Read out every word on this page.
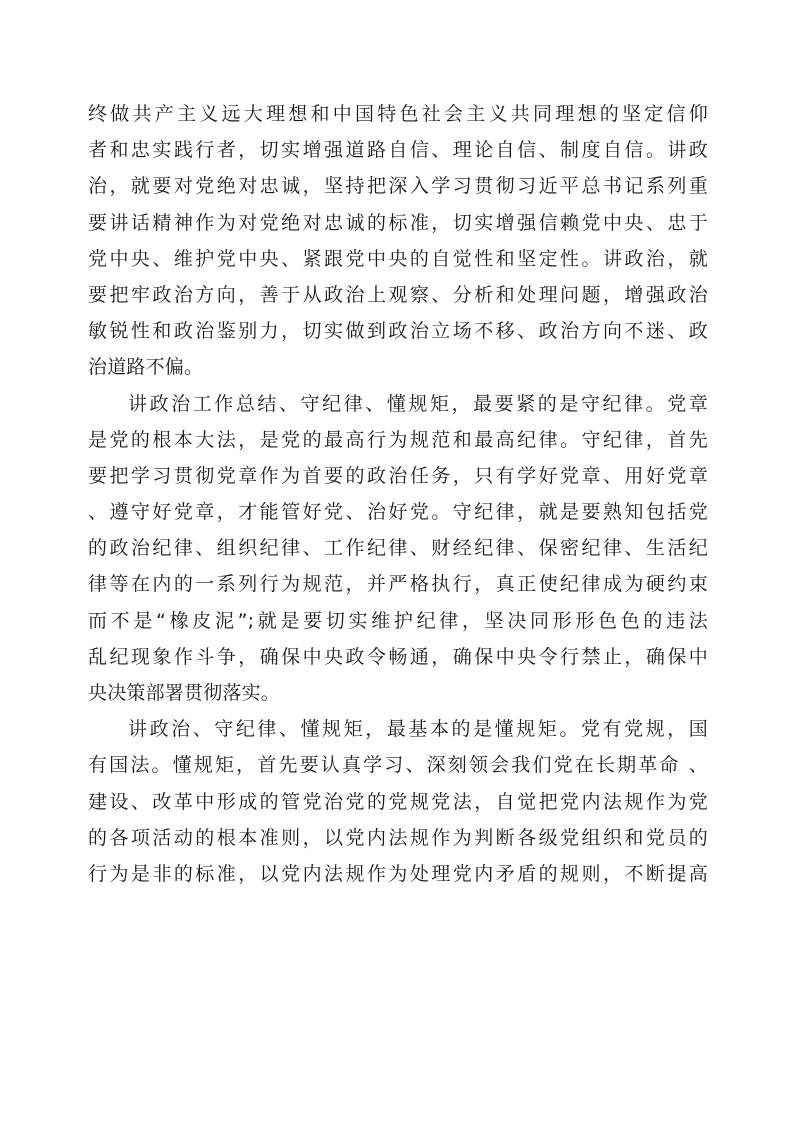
终做共产主义远大理想和中国特色社会主义共同理想的坚定信仰
者和忠实践行者，切实增强道路自信、理论自信、制度自信。讲政
治，就要对党绝对忠诚，坚持把深入学习贯彻习近平总书记系列重
要讲话精神作为对党绝对忠诚的标准，切实增强信赖党中央、忠于
党中央、维护党中央、紧跟党中央的自觉性和坚定性。讲政治，就
要把牢政治方向，善于从政治上观察、分析和处理问题，增强政治
敏锐性和政治鉴别力，切实做到政治立场不移、政治方向不迷、政
治道路不偏。
讲政治工作总结、守纪律、懂规矩，最要紧的是守纪律。党章
是党的根本大法，是党的最高行为规范和最高纪律。守纪律，首先
要把学习贯彻党章作为首要的政治任务，只有学好党章、用好党章
、遵守好党章，才能管好党、治好党。守纪律，就是要熟知包括党
的政治纪律、组织纪律、工作纪律、财经纪律、保密纪律、生活纪
律等在内的一系列行为规范，并严格执行，真正使纪律成为硬约束
而不是“橡皮泥”;就是要切实维护纪律，坚决同形形色色的违法
乱纪现象作斗争，确保中央政令畅通，确保中央令行禁止，确保中
央决策部署贯彻落实。
讲政治、守纪律、懂规矩，最基本的是懂规矩。党有党规，国
有国法。懂规矩，首先要认真学习、深刻领会我们党在长期革命 、
建设、改革中形成的管党治党的党规党法，自觉把党内法规作为党
的各项活动的根本准则，以党内法规作为判断各级党组织和党员的
行为是非的标准，以党内法规作为处理党内矛盾的规则，不断提高
